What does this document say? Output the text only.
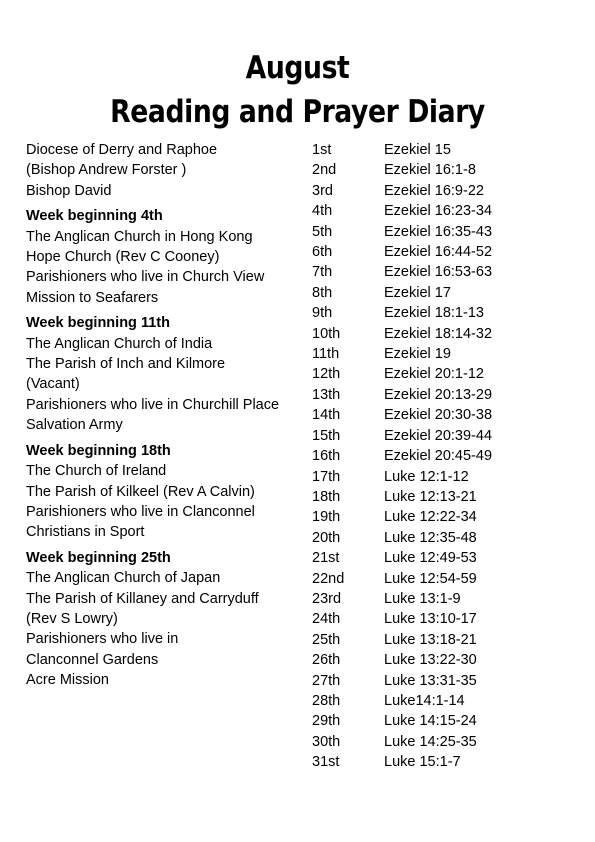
August
Reading and Prayer Diary
Diocese of Derry and Raphoe
(Bishop Andrew Forster )
Bishop David
Week beginning 4th
The Anglican Church in Hong Kong
Hope Church (Rev C Cooney)
Parishioners who live in Church View
Mission to Seafarers
Week beginning 11th
The Anglican Church of India
The Parish of Inch and Kilmore
(Vacant)
Parishioners who live in Churchill Place
Salvation Army
Week beginning 18th
The Church of Ireland
The Parish of Kilkeel (Rev A Calvin)
Parishioners who live in Clanconnel
Christians in Sport
Week beginning 25th
The Anglican Church of Japan
The Parish of Killaney and Carryduff
(Rev S Lowry)
Parishioners who live in
Clanconnel Gardens
Acre Mission
1st	Ezekiel 15
2nd	Ezekiel 16:1-8
3rd	Ezekiel 16:9-22
4th	Ezekiel 16:23-34
5th	Ezekiel 16:35-43
6th	Ezekiel 16:44-52
7th	Ezekiel 16:53-63
8th	Ezekiel 17
9th	Ezekiel 18:1-13
10th	Ezekiel 18:14-32
11th	Ezekiel 19
12th	Ezekiel 20:1-12
13th	Ezekiel 20:13-29
14th	Ezekiel 20:30-38
15th	Ezekiel 20:39-44
16th	Ezekiel 20:45-49
17th	Luke 12:1-12
18th	Luke 12:13-21
19th	Luke 12:22-34
20th	Luke 12:35-48
21st	Luke 12:49-53
22nd	Luke 12:54-59
23rd	Luke 13:1-9
24th	Luke 13:10-17
25th	Luke 13:18-21
26th	Luke 13:22-30
27th	Luke 13:31-35
28th	Luke14:1-14
29th	Luke 14:15-24
30th	Luke 14:25-35
31st	Luke 15:1-7
